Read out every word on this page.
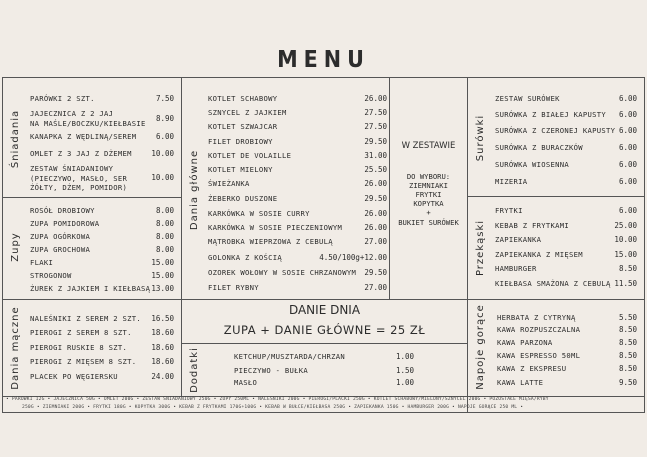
MENU
Śniadania
Zupy
Dania mączne
Dania główne
Dodatki
Surówki
Przekąski
Napoje gorące
PARÓWKI 2 SZT.	7.50
JAJECZNICA Z 2 JAJ
NA MAŚLE/BOCZKU/KIEŁBASIE	8.90
KANAPKA Z WĘDLINĄ/SEREM	6.00
OMLET Z 3 JAJ Z DŻEMEM	10.00
ZESTAW ŚNIADANIOWY
(PIECZYWO, MASŁO, SER
ŻÓŁTY, DŻEM, POMIDOR)
10.00
ROSÓŁ DROBIOWY	8.00
ZUPA POMIDOROWA	8.00
ZUPA OGÓRKOWA	8.00
ZUPA GROCHOWA	8.00
FLAKI	15.00
STROGONOW	15.00
ŻUREK Z JAJKIEM I KIEŁBASĄ 13.00
NALEŚNIKI Z SEREM 2 SZT.	16.50
PIEROGI Z SEREM 8 SZT.	18.60
PIEROGI RUSKIE 8 SZT.	18.60
PIEROGI Z MIĘSEM 8 SZT.	18.60
PLACEK PO WĘGIERSKU	24.00
KOTLET SCHABOWY	26.00
SZNYCEL Z JAJKIEM	27.50
KOTLET SZWAJCAR	27.50
FILET DROBIOWY	29.50
KOTLET DE VOLAILLE	31.00
KOTLET MIELONY	25.50
ŚWIEŻANKA	26.00
ŻEBERKO DUSZONE	29.50
KARKÓWKA W SOSIE CURRY	26.00
KARKÓWKA W SOSIE PIECZENIOWYM	26.00
MĄTROBKA WIEPRZOWA Z CEBULĄ	27.00
GOLONKA Z KOŚCIĄ	4.50/100g+12.00
OZOREK WOŁOWY W SOSIE CHRZANOWYM	29.50
FILET RYBNY	27.00
W ZESTAWIE
DO WYBORU:
ZIEMNIAKI
FRYTKI
KOPYTKA
+
BUKIET SURÓWEK
DANIE DNIA
ZUPA + DANIE GŁÓWNE = 25 ZŁ
KETCHUP/MUSZTARDA/CHRZAN	1.00
PIECZYWO - BUŁKA	1.50
MASŁO	1.00
ZESTAW SURÓWEK	6.00
SURÓWKA Z BIAŁEJ KAPUSTY	6.00
SURÓWKA Z CZERONEJ KAPUSTY 6.00
SURÓWKA Z BURACZKÓW	6.00
SURÓWKA WIOSENNA	6.00
MIZERIA	6.00
FRYTKI	6.00
KEBAB Z FRYTKAMI	25.00
ZAPIEKANKA	10.00
ZAPIEKANKA Z MIĘSEM	15.00
HAMBURGER	8.50
KIEŁBASA SMAŻONA Z CEBULĄ 11.50
HERBATA Z CYTRYNĄ	5.50
KAWA ROZPUSZCZALNA	8.50
KAWA PARZONA	8.50
KAWA ESPRESSO 50ML	8.50
KAWA Z EKSPRESU	8.50
KAWA LATTE	9.50
• PARÓWKI 12G • JAJECZNICA 50G • OMLET 200G • ZESTAW ŚNIADANIOWY 250G • ZUPY 250ML • NALEŚNIKI 200G • PIEROGI/PLACKI 250G • KOTLET SCHABOWY/MIELONY/SZNYCEL 200G • POZOSTAŁE MIĘSA/RYBY
250G • ZIEMNIAKI 200G • FRYTKI 180G • KOPYTKA 300G • KEBAB Z FRYTKAMI 170G+100G • KEBAB W BUŁCE/KIEŁBASA 250G • ZAPIEKANKA 150G • HAMBURGER 200G • NAPOJE GORĄCE 250 ML •
